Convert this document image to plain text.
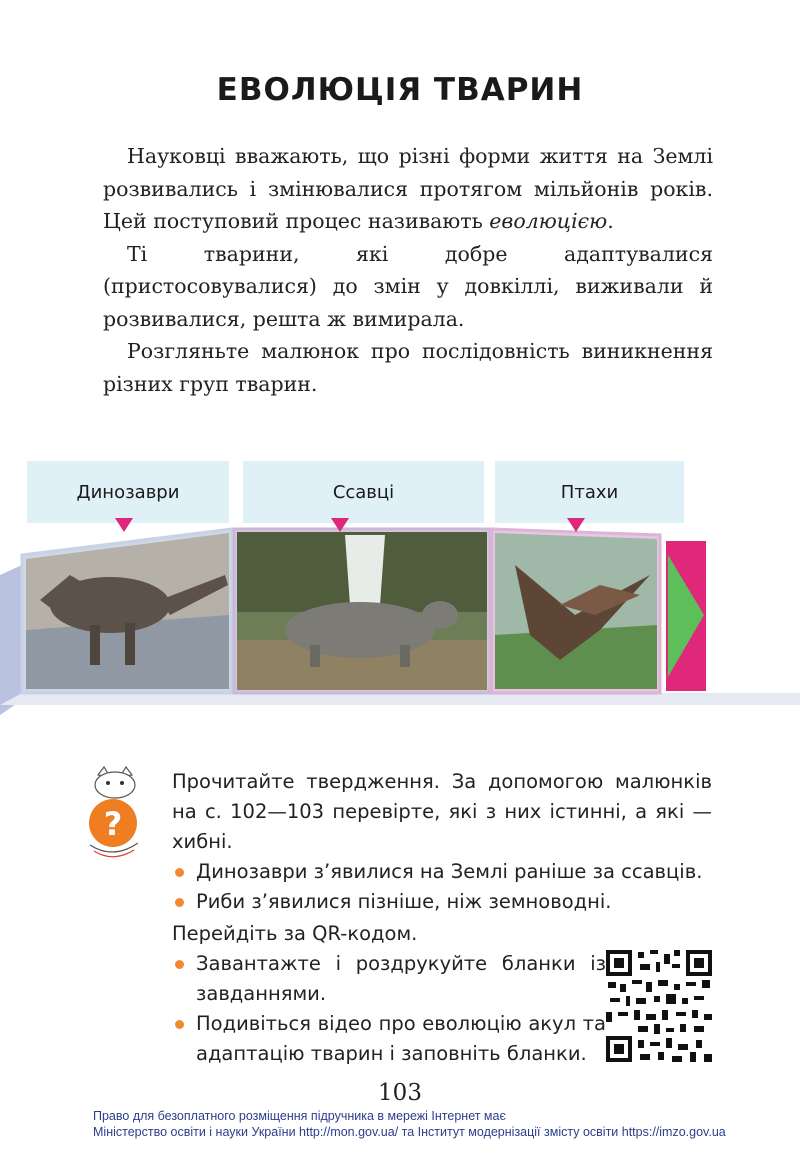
ЕВОЛЮЦІЯ ТВАРИН

Науковці вважають, що різні форми життя на Землі розвивались і змінювалися протягом мільйонів років. Цей поступовий процес називають еволюцією.

Ті тварини, які добре адаптувалися (пристосовувалися) до змін у довкіллі, виживали й розвивалися, решта ж вимирала.

Розгляньте малюнок про послідовність виникнення різних груп тварин.

Динозаври	Ссавці	Птахи
?

Прочитайте твердження. За допомогою малюнків на с. 102—103 перевірте, які з них істинні, а які — хибні.

Динозаври з’явилися на Землі раніше за ссавців.

Риби з’явилися пізніше, ніж земноводні.

Перейдіть за QR-кодом.

Завантажте і роздрукуйте бланки із завданнями.

Подивіться відео про еволюцію акул та адаптацію тварин і заповніть бланки.

103
Право для безоплатного розміщення підручника в мережі Інтернет має
Міністерство освіти і науки України http://mon.gov.ua/ та Інститут модернізації змісту освіти https://imzo.gov.ua
